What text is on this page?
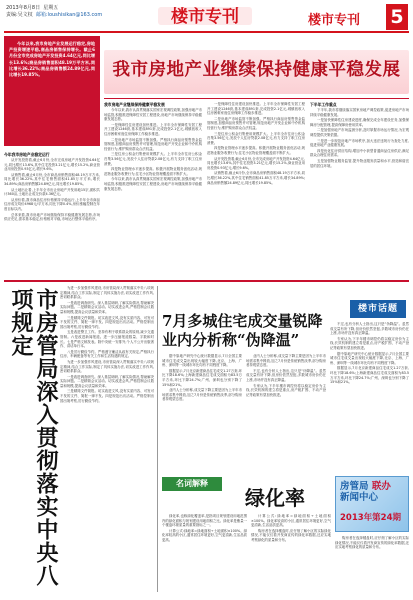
2013年8月8日 星期五
责编:吴文权 邮箱:loushisikan@163.com	楼市专刊	楼市专刊 5
今年以来,我市房地产业发展运行稳定,房地产投资增速平稳,商品房销售保持增长。截止6月份全市完成房地产开发投资4.64亿元,同比增长13.6%;商品房销售面积48.19万平方米,同比增长36.22%;商品房销售额24.89亿元,同比增长19.85%。	我市房地产业继续保持健康平稳发展

今年我市房地产业稳定运行

从开发投资看,截止6月份,全市完成房地产开发投资4.64亿元,同比增长13.6%,其中住宅投资3.21亿元,增长15.2%,商业营业用房投资0.93亿元,增长9.6%。

从销售看,截止6月份,全市商品房销售面积48.19万平方米,同比增长36.22%,其中住宅销售面积41.85万平方米,增长34.89%;商品房销售额24.89亿元,同比增长19.85%。

从土地出让看,上半年全市出让房地产开发用地15宗,面积共计360亩,土地出让成交价款4.36亿元。

从房价看,我市商品住房价格保持平稳运行,上半年全市商品住房成交均价4968元/平方米,同比下降0.4%,房价涨幅控制在年度目标以内。

总体来看,我市房地产市场继续保持平稳健康发展态势,市场供应充足,需求基本稳定,价格相对平稳,市场运行整体平稳有序。

我市房地产业继续保持健康平稳发展

今年以来,我市认真贯彻落实国家宏观调控政策,加强房地产市场监管,积极推进保障性安居工程建设,房地产市场继续保持平稳健康发展态势。

一是保障性住房建设加快推进。上半年全市保障性安居工程开工建设1246套,基本建成891套,完成投资2.1亿元,城镇低收入住房困难家庭住房保障工作稳步推进。

二是房地产市场监管不断加强。严格执行商品房预售资金监管制度,加强商品房预售许可管理,规范房地产开发企业和中介机构经营行为,维护购房群众合法权益。

三是住房公积金归集使用规模扩大。上半年全市住房公积金归集3.56亿元,发放个人住房贷款2.08亿元,有力支持了职工住房消费。

四是物业管理水平逐步提高。积极开展物业服务创优活动,规范物业服务收费行为,住宅小区物业管理覆盖面不断扩大。

今年以来,我市认真贯彻落实国家宏观调控政策,加强房地产市场监管,积极推进保障性安居工程建设,房地产市场继续保持平稳健康发展态势。

一是保障性住房建设加快推进。上半年全市保障性安居工程开工建设1246套,基本建成891套,完成投资2.1亿元,城镇低收入住房困难家庭住房保障工作稳步推进。

二是房地产市场监管不断加强。严格执行商品房预售资金监管制度,加强商品房预售许可管理,规范房地产开发企业和中介机构经营行为,维护购房群众合法权益。

三是住房公积金归集使用规模扩大。上半年全市住房公积金归集3.56亿元,发放个人住房贷款2.08亿元,有力支持了职工住房消费。

四是物业管理水平逐步提高。积极开展物业服务创优活动,规范物业服务收费行为,住宅小区物业管理覆盖面不断扩大。

从开发投资看,截止6月份,全市完成房地产开发投资4.64亿元,同比增长13.6%,其中住宅投资3.21亿元,增长15.2%,商业营业用房投资0.93亿元,增长9.6%。

从销售看,截止6月份,全市商品房销售面积48.19万平方米,同比增长36.22%,其中住宅销售面积41.85万平方米,增长34.89%;商品房销售额24.89亿元,同比增长19.85%。

下半年工作重点

下半年,我市将继续落实国家房地产调控政策,促进房地产市场持续平稳健康发展。

一是加快保障性住房建设进度,确保完成全年建设任务,加强保障房分配管理,提高保障房使用效率。

二是加强房地产市场监测分析,及时掌握市场运行情况,为宏观调控提供决策依据。

三是进一步规范房地产市场秩序,加大违法违规行为查处力度,促进房地产业健康发展。

四是优化住房供应结构,增加中小套型普通商品住房供应,满足群众合理住房需求。

五是加强物业服务监管,提升物业服务质量和水平,营造和谐宜居的居住环境。

市房管局深入贯彻落实中央八项规定	为进一步加强作风建设,市房管局深入贯彻落实中央八项规定精神,结合工作实际,制定了具体实施办法,切实改进工作作风,密切联系群众。

一是改进调查研究。深入基层调研,了解实际情况,帮助解决实际问题。二是精简会议活动。切实改进会风,严格控制会议数量和规模,提高会议质量和效率。

三是精简文件简报。切实改进文风,没有实质内容、可发可不发的文件、简报一律不发。四是规范出访活动。严格控制出国出境考察,厉行勤俭节约。

五是改进警卫工作。坚持有利于联系群众的原则,减少交通管制。六是改进新闻报道。进一步压缩报道数量、字数和时长。七是严格文稿发表。除中央统一安排外,个人不公开出版著作、讲话单行本。

八是厉行勤俭节约。严格遵守廉洁从政有关规定,严格执行住房、车辆配备等有关工作和生活待遇的规定。

为进一步加强作风建设,市房管局深入贯彻落实中央八项规定精神,结合工作实际,制定了具体实施办法,切实改进工作作风,密切联系群众。

一是改进调查研究。深入基层调研,了解实际情况,帮助解决实际问题。二是精简会议活动。切实改进会风,严格控制会议数量和规模,提高会议质量和效率。

三是精简文件简报。切实改进文风,没有实质内容、可发可不发的文件、简报一律不发。四是规范出访活动。严格控制出国出境考察,厉行勤俭节约。

7月多城住宅成交量锐降 业内分析称“伪降温”
楼市话题

据中原地产研究中心统计数据显示,7月全国主要城市住宅成交量出现较大幅度下降,北京、上海、广州、深圳等一线城市环比均有不同程度下降。

数据显示,7月北京新建商品住宅成交1.27万套,环比下降18.6%;上海新建商品住宅成交面积为83.5万平方米,环比下降24.7%;广州、深圳也分别下降了15%和21%。

业内人士分析称,成交量下降主要是因为上半年市场需求集中释放,加之7月份是传统销售淡季,部分购房者持观望态度。

业内人士分析称,成交量下降主要是因为上半年市场需求集中释放,加之7月份是传统销售淡季,部分购房者持观望态度。

不过,也有分析人士指出,这只是“伪降温”。虽然成交量有所下降,但房价依然坚挺,多数城市房价仍在上涨,市场并没有真正降温。

专家认为,下半年楼市调控仍将以稳定房价为主线,长效机制的建立将是重点,房产税扩围、不动产登记等政策有望加快推进。

不过,也有分析人士指出,这只是“伪降温”。虽然成交量有所下降,但房价依然坚挺,多数城市房价仍在上涨,市场并没有真正降温。

专家认为,下半年楼市调控仍将以稳定房价为主线,长效机制的建立将是重点,房产税扩围、不动产登记等政策有望加快推进。

据中原地产研究中心统计数据显示,7月全国主要城市住宅成交量出现较大幅度下降,北京、上海、广州、深圳等一线城市环比均有不同程度下降。

数据显示,7月北京新建商品住宅成交1.27万套,环比下降18.6%;上海新建商品住宅成交面积为83.5万平方米,环比下降24.7%;广州、深圳也分别下降了15%和21%。

名词解释
绿化率

绿化率,也称绿化覆盖率,是指项目规划建设用地范围内的绿化面积与规划建设用地面积之比。绿化率是衡量一个楼盘环境质量的重要指标之一。

计算公式:绿地率=绿地面积÷土地面积×100%。绿化率较高的小区,通常居住环境更好,空气更清新,生活品质更高。

计算公式:绿地率=绿地面积÷土地面积×100%。绿化率较高的小区,通常居住环境更好,空气更清新,生活品质更高。

购房者在选择楼盘时,应仔细了解小区的实际绿化情况,不能仅仅看开发商宣传的绿化率数据,还应实地考察绿化的质量和分布。

房管局 联办
新闻中心
2013年第24期

购房者在选择楼盘时,应仔细了解小区的实际绿化情况,不能仅仅看开发商宣传的绿化率数据,还应实地考察绿化的质量和分布。
